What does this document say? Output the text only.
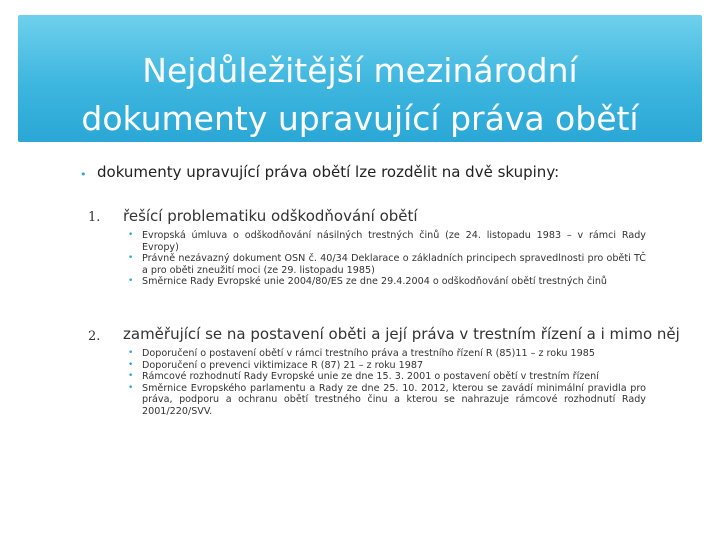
Nejdůležitější mezinárodní
dokumenty upravující práva obětí
• dokumenty upravující práva obětí lze rozdělit na dvě skupiny:
1. řešící problematiku odškodňování obětí
• Evropská úmluva o odškodňování násilných trestných činů (ze 24. listopadu 1983 – v rámci Rady Evropy)
• Právně nezávazný dokument OSN č. 40/34 Deklarace o základních principech spravedlnosti pro oběti TČ a pro oběti zneužití moci (ze 29. listopadu 1985)
• Směrnice Rady Evropské unie 2004/80/ES ze dne 29.4.2004 o odškodňování obětí trestných činů
2. zaměřující se na postavení oběti a její práva v trestním řízení a i mimo něj
• Doporučení o postavení obětí v rámci trestního práva a trestního řízení R (85)11 – z roku 1985
• Doporučení o prevenci viktimizace R (87) 21 – z roku 1987
• Rámcové rozhodnutí Rady Evropské unie ze dne 15. 3. 2001 o postavení obětí v trestním řízení
• Směrnice Evropského parlamentu a Rady ze dne 25. 10. 2012, kterou se zavádí minimální pravidla pro práva, podporu a ochranu obětí trestného činu a kterou se nahrazuje rámcové rozhodnutí Rady 2001/220/SVV.
